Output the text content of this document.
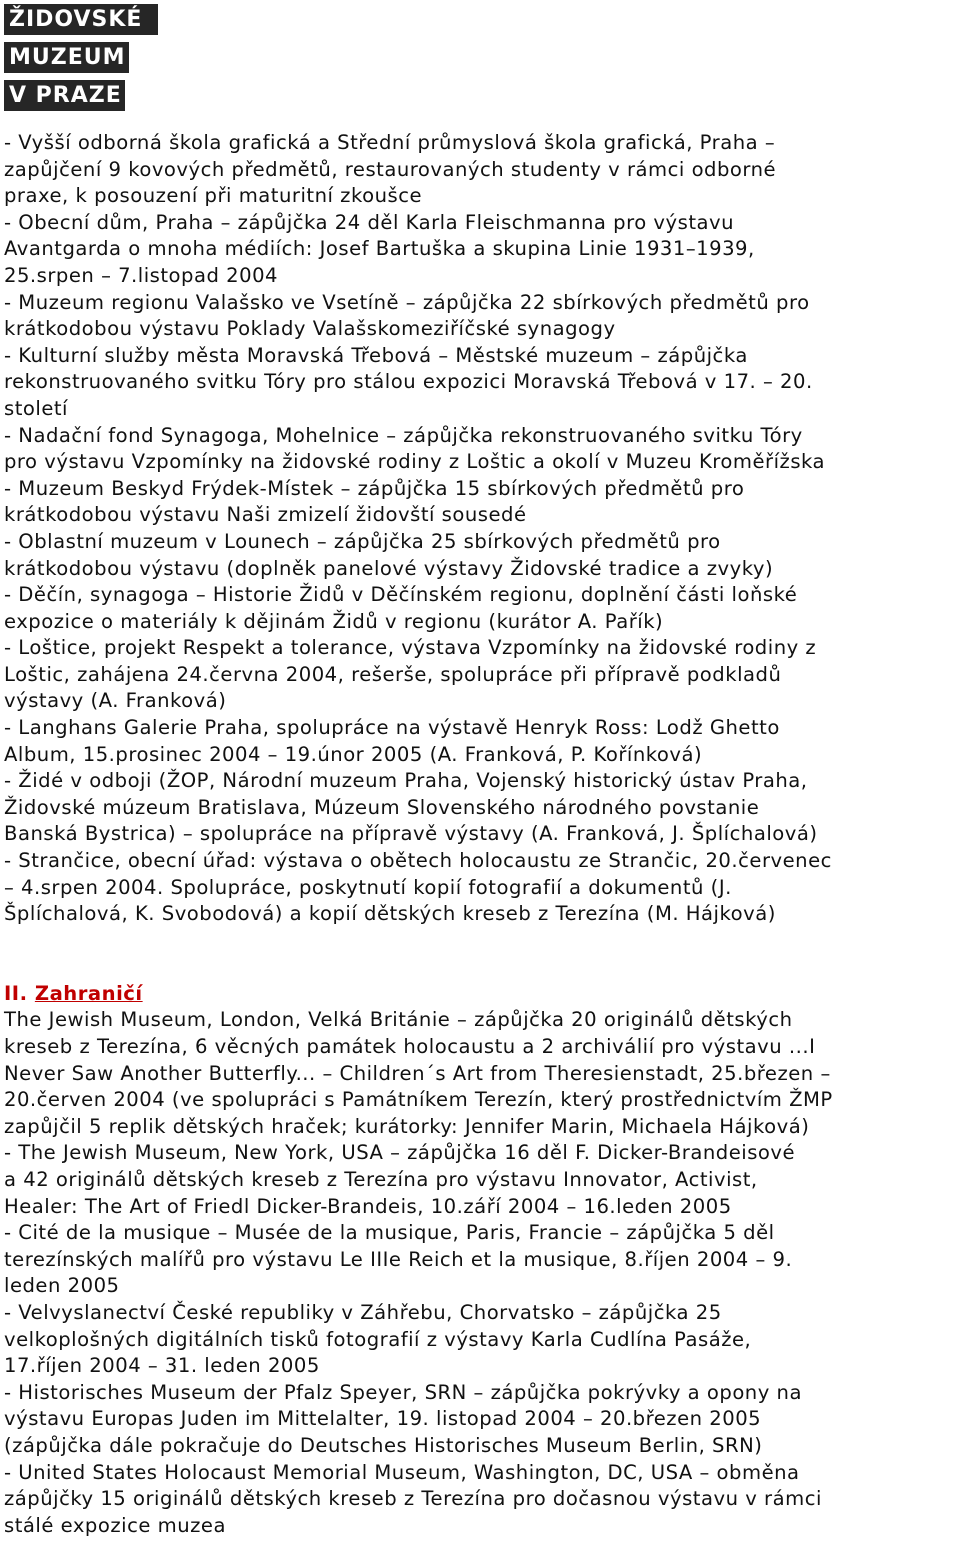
ŽIDOVSKÉ
MUZEUM
V PRAZE

- Vyšší odborná škola grafická a Střední průmyslová škola grafická, Praha –

zapůjčení 9 kovových předmětů, restaurovaných studenty v rámci odborné

praxe, k posouzení při maturitní zkoušce

- Obecní dům, Praha – zápůjčka 24 děl Karla Fleischmanna pro výstavu

Avantgarda o mnoha médiích: Josef Bartuška a skupina Linie 1931–1939,

25.srpen – 7.listopad 2004

- Muzeum regionu Valašsko ve Vsetíně – zápůjčka 22 sbírkových předmětů pro

krátkodobou výstavu Poklady Valašskomeziříčské synagogy

- Kulturní služby města Moravská Třebová – Městské muzeum – zápůjčka

rekonstruovaného svitku Tóry pro stálou expozici Moravská Třebová v 17. – 20.

století

- Nadační fond Synagoga, Mohelnice – zápůjčka rekonstruovaného svitku Tóry

pro výstavu Vzpomínky na židovské rodiny z Loštic a okolí v Muzeu Kroměřížska

- Muzeum Beskyd Frýdek-Místek – zápůjčka 15 sbírkových předmětů pro

krátkodobou výstavu Naši zmizelí židovští sousedé

- Oblastní muzeum v Lounech – zápůjčka 25 sbírkových předmětů pro

krátkodobou výstavu (doplněk panelové výstavy Židovské tradice a zvyky)

- Děčín, synagoga – Historie Židů v Děčínském regionu, doplnění části loňské

expozice o materiály k dějinám Židů v regionu (kurátor A. Pařík)

- Loštice, projekt Respekt a tolerance, výstava Vzpomínky na židovské rodiny z

Loštic, zahájena 24.června 2004, rešerše, spolupráce při přípravě podkladů

výstavy (A. Franková)

- Langhans Galerie Praha, spolupráce na výstavě Henryk Ross: Lodž Ghetto

Album, 15.prosinec 2004 – 19.únor 2005 (A. Franková, P. Kořínková)

- Židé v odboji (ŽOP, Národní muzeum Praha, Vojenský historický ústav Praha,

Židovské múzeum Bratislava, Múzeum Slovenského národného povstanie

Banská Bystrica) – spolupráce na přípravě výstavy (A. Franková, J. Šplíchalová)

- Strančice, obecní úřad: výstava o obětech holocaustu ze Strančic, 20.červenec

– 4.srpen 2004. Spolupráce, poskytnutí kopií fotografií a dokumentů (J.

Šplíchalová, K. Svobodová) a kopií dětských kreseb z Terezína (M. Hájková)

II. Zahraničí

The Jewish Museum, London, Velká Británie – zápůjčka 20 originálů dětských

kreseb z Terezína, 6 věcných památek holocaustu a 2 archiválií pro výstavu ...I

Never Saw Another Butterfly... – Children´s Art from Theresienstadt, 25.březen –

20.červen 2004 (ve spolupráci s Památníkem Terezín, který prostřednictvím ŽMP

zapůjčil 5 replik dětských hraček; kurátorky: Jennifer Marin, Michaela Hájková)

- The Jewish Museum, New York, USA – zápůjčka 16 děl F. Dicker-Brandeisové

a 42 originálů dětských kreseb z Terezína pro výstavu Innovator, Activist,

Healer: The Art of Friedl Dicker-Brandeis, 10.září 2004 – 16.leden 2005

- Cité de la musique – Musée de la musique, Paris, Francie – zápůjčka 5 děl

terezínských malířů pro výstavu Le IIIe Reich et la musique, 8.říjen 2004 – 9.

leden 2005

- Velvyslanectví České republiky v Záhřebu, Chorvatsko – zápůjčka 25

velkoplošných digitálních tisků fotografií z výstavy Karla Cudlína Pasáže,

17.říjen 2004 – 31. leden 2005

- Historisches Museum der Pfalz Speyer, SRN – zápůjčka pokrývky a opony na

výstavu Europas Juden im Mittelalter, 19. listopad 2004 – 20.březen 2005

(zápůjčka dále pokračuje do Deutsches Historisches Museum Berlin, SRN)

- United States Holocaust Memorial Museum, Washington, DC, USA – obměna

zápůjčky 15 originálů dětských kreseb z Terezína pro dočasnou výstavu v rámci

stálé expozice muzea
